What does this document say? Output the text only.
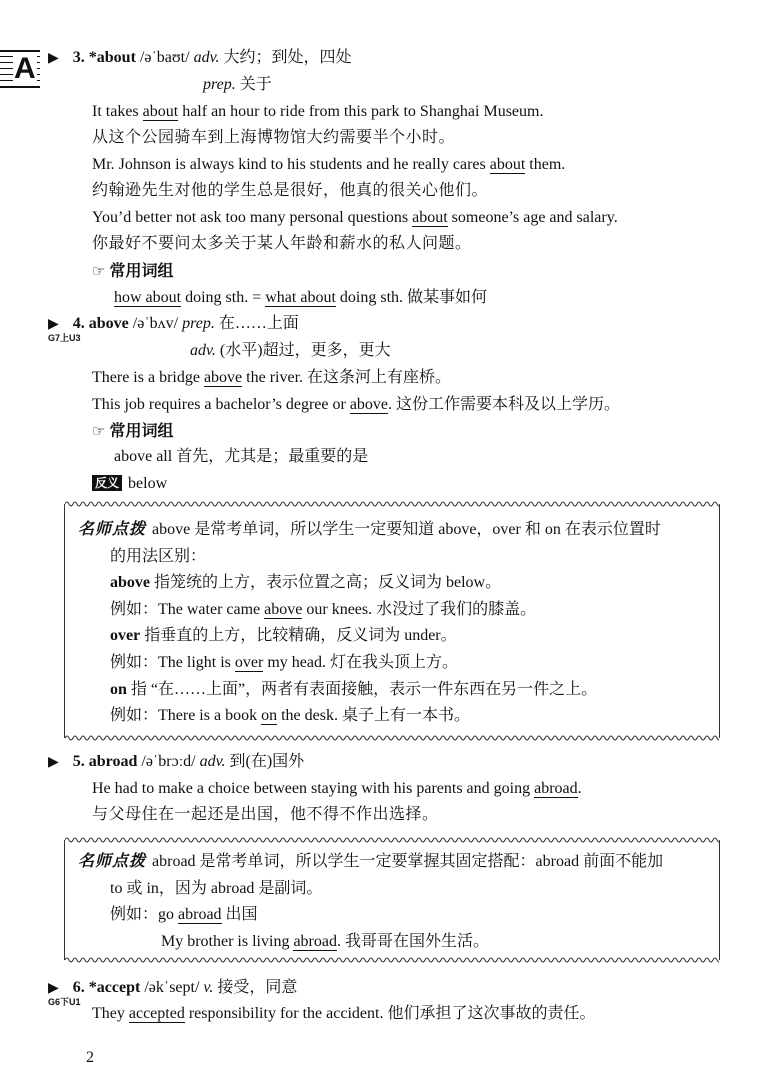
A ▶ 3. *about /əˈbaʊt/ adv. 大约；到处，四处
prep. 关于
It takes about half an hour to ride from this park to Shanghai Museum.
从这个公园骑车到上海博物馆大约需要半个小时。
Mr. Johnson is always kind to his students and he really cares about them.
约翰逊先生对他的学生总是很好，他真的很关心他们。
You’d better not ask too many personal questions about someone’s age and salary.
你最好不要问太多关于某人年龄和薪水的私人问题。
☞ 常用词组
how about doing sth. = what about doing sth. 做某事如何
▶ 4. above /əˈbʌv/ prep. 在……上面
G7上U3
adv. (水平)超过，更多，更大
There is a bridge above the river. 在这条河上有座桥。
This job requires a bachelor’s degree or above. 这份工作需要本科及以上学历。
☞ 常用词组
above all 首先，尤其是；最重要的是
反义 below
名师点拨 above 是常考单词，所以学生一定要知道 above，over 和 on 在表示位置时
的用法区别：
above 指笼统的上方，表示位置之高；反义词为 below。
例如：The water came above our knees. 水没过了我们的膝盖。
over 指垂直的上方，比较精确，反义词为 under。
例如：The light is over my head. 灯在我头顶上方。
on 指 “在……上面”，两者有表面接触，表示一件东西在另一件之上。
例如：There is a book on the desk. 桌子上有一本书。
▶ 5. abroad /əˈbrɔːd/ adv. 到(在)国外
He had to make a choice between staying with his parents and going abroad.
与父母住在一起还是出国，他不得不作出选择。
名师点拨 abroad 是常考单词，所以学生一定要掌握其固定搭配：abroad 前面不能加
to 或 in，因为 abroad 是副词。
例如：go abroad 出国
My brother is living abroad. 我哥哥在国外生活。
▶ 6. *accept /əkˈsept/ v. 接受，同意
G6下U1
They accepted responsibility for the accident. 他们承担了这次事故的责任。
2
